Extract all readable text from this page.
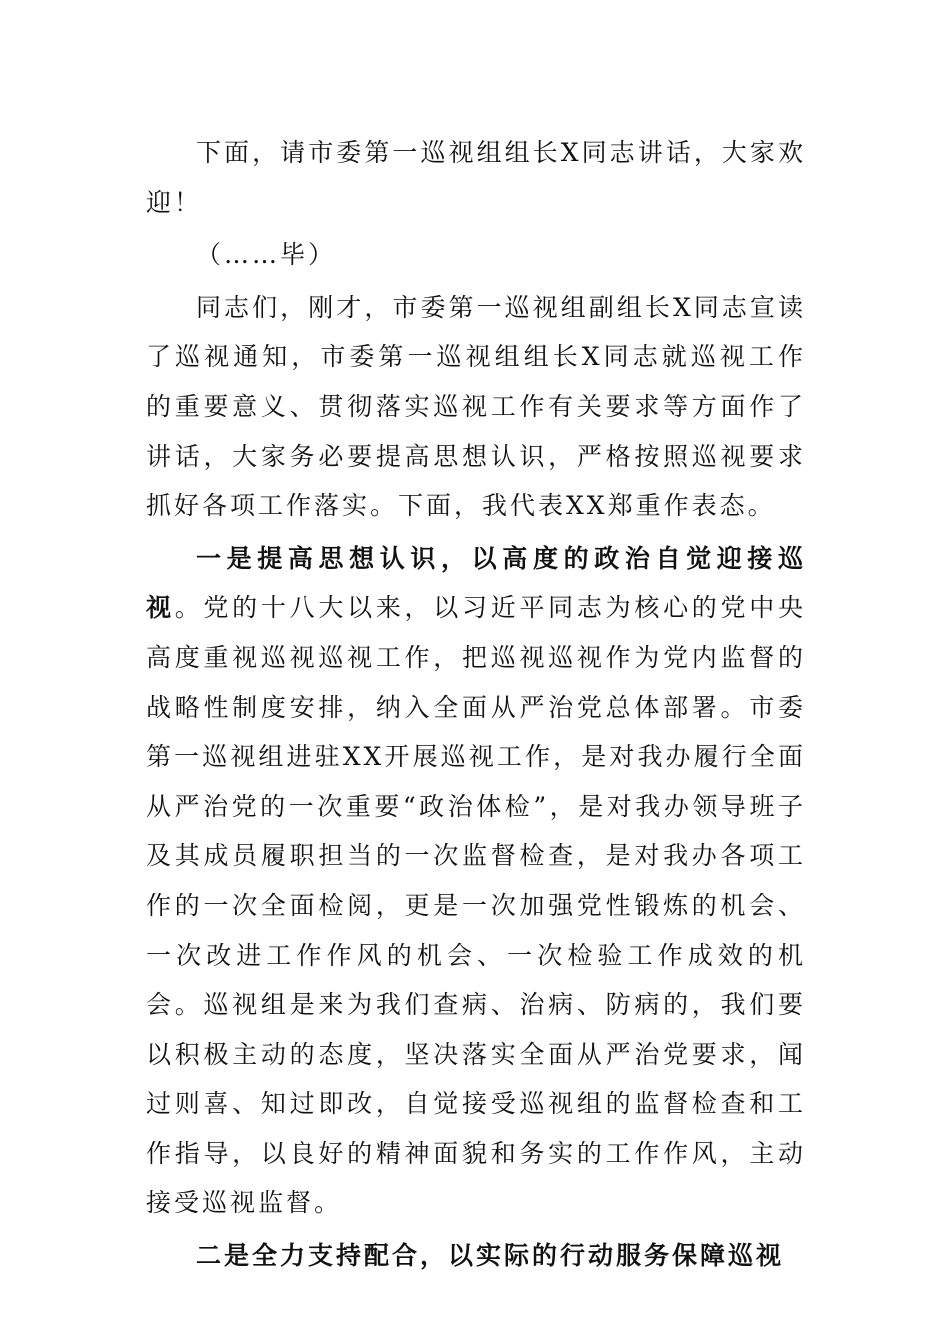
下面，请市委第一巡视组组长X同志讲话，大家欢迎！

（……毕）

同志们，刚才，市委第一巡视组副组长X同志宣读了巡视通知，市委第一巡视组组长X同志就巡视工作的重要意义、贯彻落实巡视工作有关要求等方面作了讲话，大家务必要提高思想认识，严格按照巡视要求抓好各项工作落实。下面，我代表XX郑重作表态。

一是提高思想认识，以高度的政治自觉迎接巡视。党的十八大以来，以习近平同志为核心的党中央高度重视巡视巡视工作，把巡视巡视作为党内监督的战略性制度安排，纳入全面从严治党总体部署。市委第一巡视组进驻XX开展巡视工作，是对我办履行全面从严治党的一次重要“政治体检”，是对我办领导班子及其成员履职担当的一次监督检查，是对我办各项工作的一次全面检阅，更是一次加强党性锻炼的机会、一次改进工作作风的机会、一次检验工作成效的机会。巡视组是来为我们查病、治病、防病的，我们要以积极主动的态度，坚决落实全面从严治党要求，闻过则喜、知过即改，自觉接受巡视组的监督检查和工作指导，以良好的精神面貌和务实的工作作风，主动接受巡视监督。

二是全力支持配合，以实际的行动服务保障巡视
